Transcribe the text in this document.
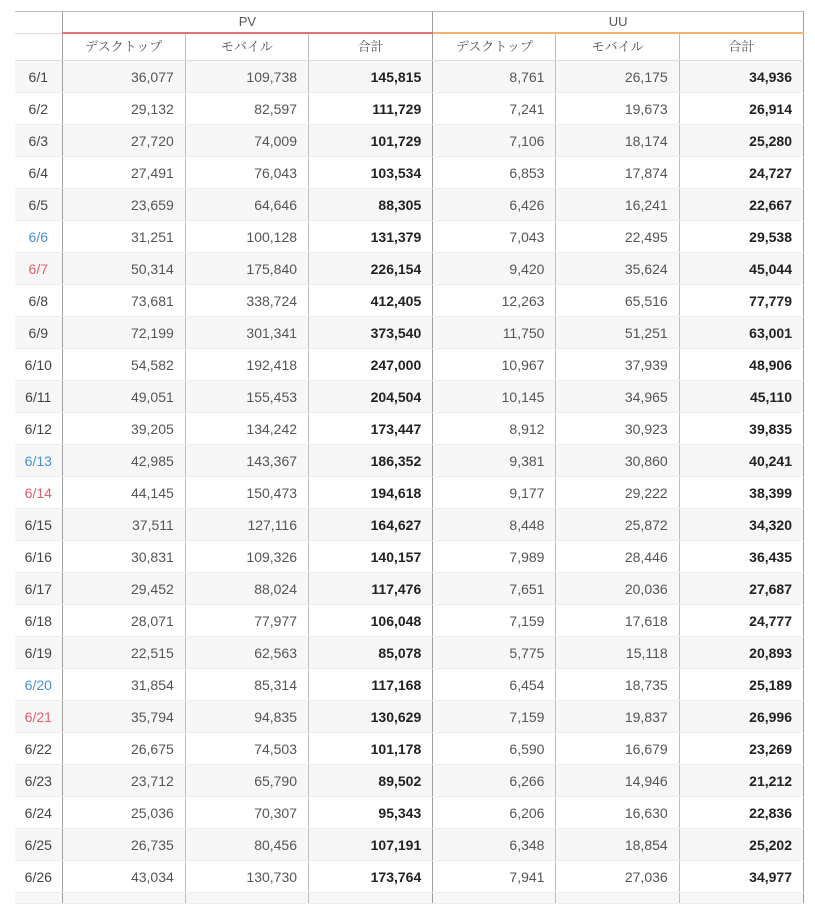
	PV			UU		
	デスクトップ	モバイル	合計	デスクトップ	モバイル	合計
6/1	36,077	109,738	145,815	8,761	26,175	34,936
6/2	29,132	82,597	111,729	7,241	19,673	26,914
6/3	27,720	74,009	101,729	7,106	18,174	25,280
6/4	27,491	76,043	103,534	6,853	17,874	24,727
6/5	23,659	64,646	88,305	6,426	16,241	22,667
6/6	31,251	100,128	131,379	7,043	22,495	29,538
6/7	50,314	175,840	226,154	9,420	35,624	45,044
6/8	73,681	338,724	412,405	12,263	65,516	77,779
6/9	72,199	301,341	373,540	11,750	51,251	63,001
6/10	54,582	192,418	247,000	10,967	37,939	48,906
6/11	49,051	155,453	204,504	10,145	34,965	45,110
6/12	39,205	134,242	173,447	8,912	30,923	39,835
6/13	42,985	143,367	186,352	9,381	30,860	40,241
6/14	44,145	150,473	194,618	9,177	29,222	38,399
6/15	37,511	127,116	164,627	8,448	25,872	34,320
6/16	30,831	109,326	140,157	7,989	28,446	36,435
6/17	29,452	88,024	117,476	7,651	20,036	27,687
6/18	28,071	77,977	106,048	7,159	17,618	24,777
6/19	22,515	62,563	85,078	5,775	15,118	20,893
6/20	31,854	85,314	117,168	6,454	18,735	25,189
6/21	35,794	94,835	130,629	7,159	19,837	26,996
6/22	26,675	74,503	101,178	6,590	16,679	23,269
6/23	23,712	65,790	89,502	6,266	14,946	21,212
6/24	25,036	70,307	95,343	6,206	16,630	22,836
6/25	26,735	80,456	107,191	6,348	18,854	25,202
6/26	43,034	130,730	173,764	7,941	27,036	34,977
